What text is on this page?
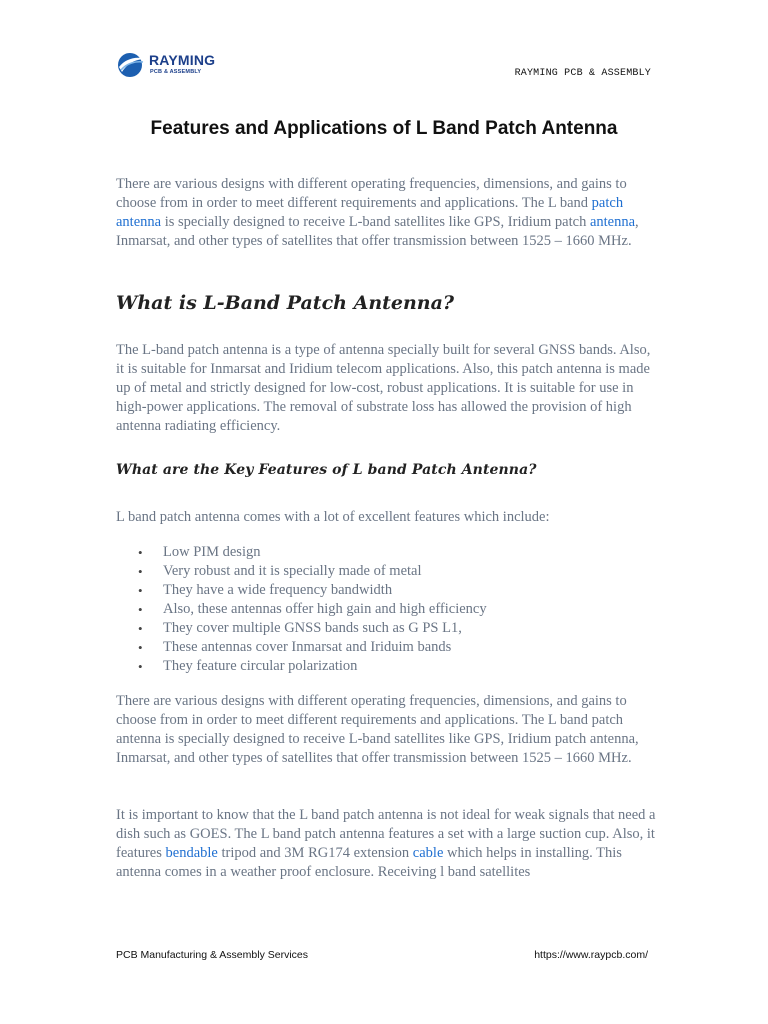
RAYMING
PCB & ASSEMBLY	RAYMING PCB & ASSEMBLY
Features and Applications of L Band Patch Antenna

There are various designs with different operating frequencies, dimensions, and gains to choose from in order to meet different requirements and applications. The L band patch antenna is specially designed to receive L-band satellites like GPS, Iridium patch antenna, Inmarsat, and other types of satellites that offer transmission between 1525 – 1660 MHz.

What is L-Band Patch Antenna?

The L-band patch antenna is a type of antenna specially built for several GNSS bands. Also, it is suitable for Inmarsat and Iridium telecom applications. Also, this patch antenna is made up of metal and strictly designed for low-cost, robust applications. It is suitable for use in high-power applications. The removal of substrate loss has allowed the provision of high antenna radiating efficiency.

What are the Key Features of L band Patch Antenna?

L band patch antenna comes with a lot of excellent features which include:

• Low PIM design
• Very robust and it is specially made of metal
• They have a wide frequency bandwidth
• Also, these antennas offer high gain and high efficiency
• They cover multiple GNSS bands such as G PS L1,
• These antennas cover Inmarsat and Iriduim bands
• They feature circular polarization

There are various designs with different operating frequencies, dimensions, and gains to choose from in order to meet different requirements and applications. The L band patch antenna is specially designed to receive L-band satellites like GPS, Iridium patch antenna, Inmarsat, and other types of satellites that offer transmission between 1525 – 1660 MHz.

It is important to know that the L band patch antenna is not ideal for weak signals that need a dish such as GOES. The L band patch antenna features a set with a large suction cup. Also, it features bendable tripod and 3M RG174 extension cable which helps in installing. This antenna comes in a weather proof enclosure. Receiving l band satellites

PCB Manufacturing & Assembly Services	https://www.raypcb.com/
